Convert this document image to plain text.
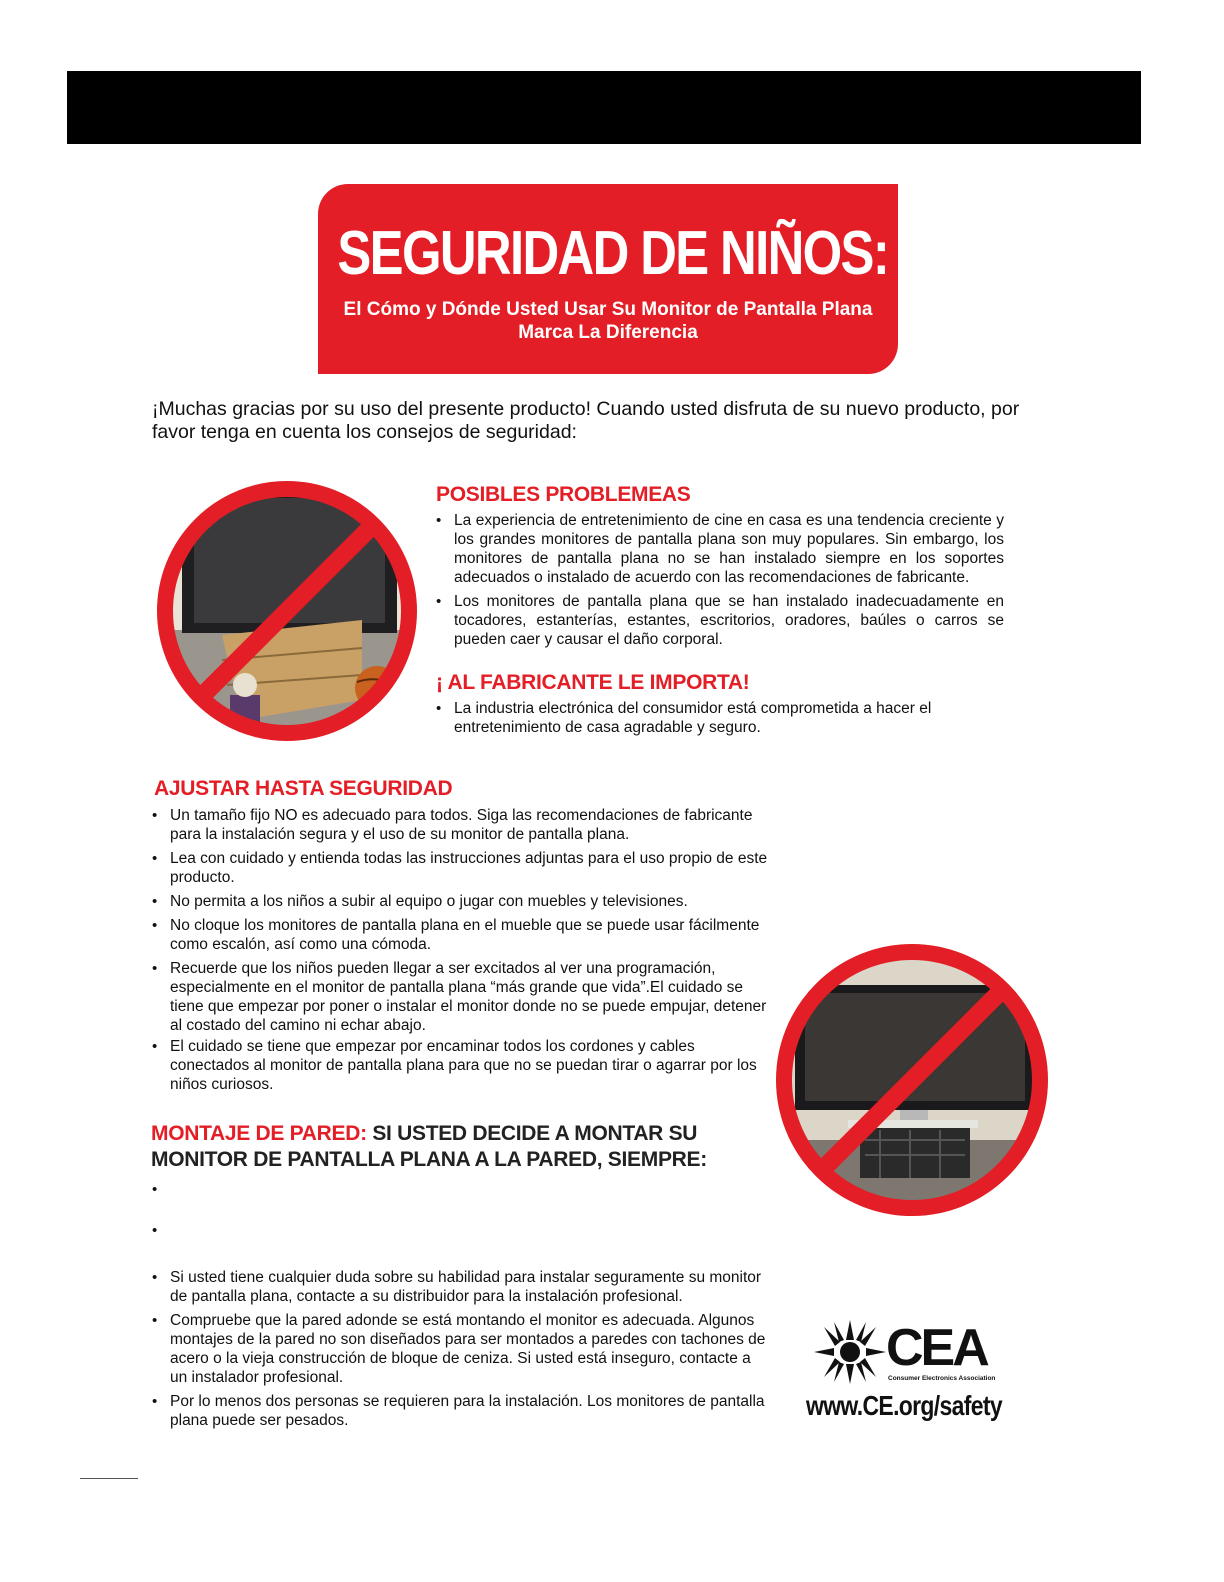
SEGURIDAD DE NIÑOS:
El Cómo y Dónde Usted Usar Su Monitor de Pantalla Plana Marca La Diferencia
¡Muchas gracias por su uso del presente producto! Cuando usted disfruta de su nuevo producto, por favor tenga en cuenta los consejos de seguridad:
POSIBLES PROBLEMEAS
• La experiencia de entretenimiento de cine en casa es una tendencia creciente y los grandes monitores de pantalla plana son muy populares. Sin embargo, los monitores de pantalla plana no se han instalado siempre en los soportes adecuados o instalado de acuerdo con las recomendaciones de fabricante.
• Los monitores de pantalla plana que se han instalado inadecuadamente en tocadores, estanterías, estantes, escritorios, oradores, baúles o carros se pueden caer y causar el daño corporal.
¡ AL FABRICANTE LE IMPORTA!
• La industria electrónica del consumidor está comprometida a hacer el entretenimiento de casa agradable y seguro.
AJUSTAR HASTA SEGURIDAD
• Un tamaño fijo NO es adecuado para todos. Siga las recomendaciones de fabricante para la instalación segura y el uso de su monitor de pantalla plana.
• Lea con cuidado y entienda todas las instrucciones adjuntas para el uso propio de este producto.
• No permita a los niños a subir al equipo o jugar con muebles y televisiones.
• No cloque los monitores de pantalla plana en el mueble que se puede usar fácilmente como escalón, así como una cómoda.
• Recuerde que los niños pueden llegar a ser excitados al ver una programación, especialmente en el monitor de pantalla plana “más grande que vida”.El cuidado se tiene que empezar por poner o instalar el monitor donde no se puede empujar, detener al costado del camino ni echar abajo.
• El cuidado se tiene que empezar por encaminar todos los cordones y cables conectados al monitor de pantalla plana para que no se puedan tirar o agarrar por los niños curiosos.
MONTAJE DE PARED: SI USTED DECIDE A MONTAR SU MONITOR DE PANTALLA PLANA A LA PARED, SIEMPRE:
•
•
• Si usted tiene cualquier duda sobre su habilidad para instalar seguramente su monitor de pantalla plana, contacte a su distribuidor para la instalación profesional.
• Compruebe que la pared adonde se está montando el monitor es adecuada. Algunos montajes de la pared no son diseñados para ser montados a paredes con tachones de acero o la vieja construcción de bloque de ceniza. Si usted está inseguro, contacte a un instalador profesional.
• Por lo menos dos personas se requieren para la instalación. Los monitores de pantalla plana puede ser pesados.
CEA
Consumer Electronics Association
www.CE.org/safety
